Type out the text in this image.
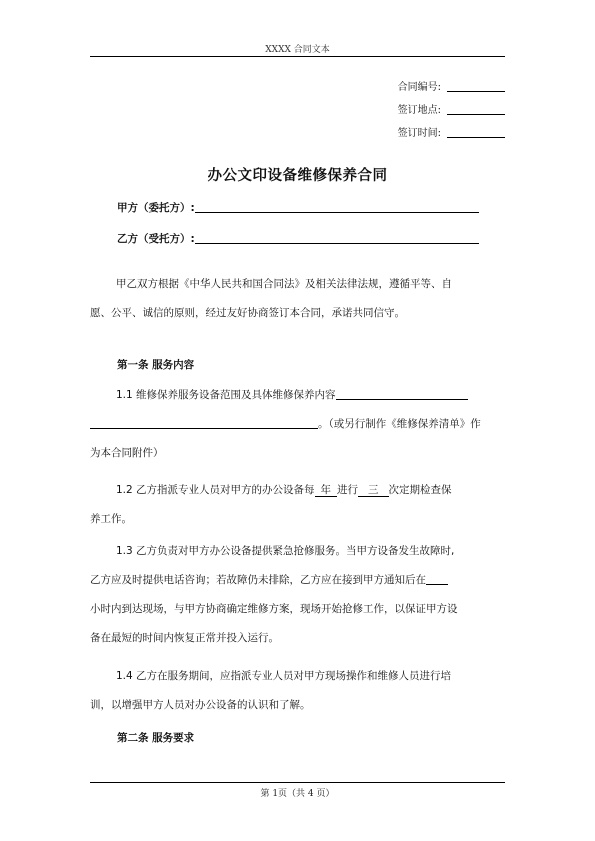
XXXX 合同文本
合同编号:
签订地点:
签订时间:
办公文印设备维修保养合同
甲方（委托方）:
乙方（受托方）:
甲乙双方根据《中华人民共和国合同法》及相关法律法规，遵循平等、自
愿、公平、诚信的原则，经过友好协商签订本合同，承诺共同信守。
第一条 服务内容
1.1 维修保养服务设备范围及具体维修保养内容
。（或另行制作《维修保养清单》作
为本合同附件）
1.2 乙方指派专业人员对甲方的办公设备每 年 进行 三 次定期检查保
养工作。
1.3 乙方负责对甲方办公设备提供紧急抢修服务。当甲方设备发生故障时,
乙方应及时提供电话咨询；若故障仍未排除，乙方应在接到甲方通知后在
小时内到达现场，与甲方协商确定维修方案，现场开始抢修工作，以保证甲方设
备在最短的时间内恢复正常并投入运行。
1.4 乙方在服务期间，应指派专业人员对甲方现场操作和维修人员进行培
训，以增强甲方人员对办公设备的认识和了解。
第二条 服务要求
第 1页（共 4 页）
